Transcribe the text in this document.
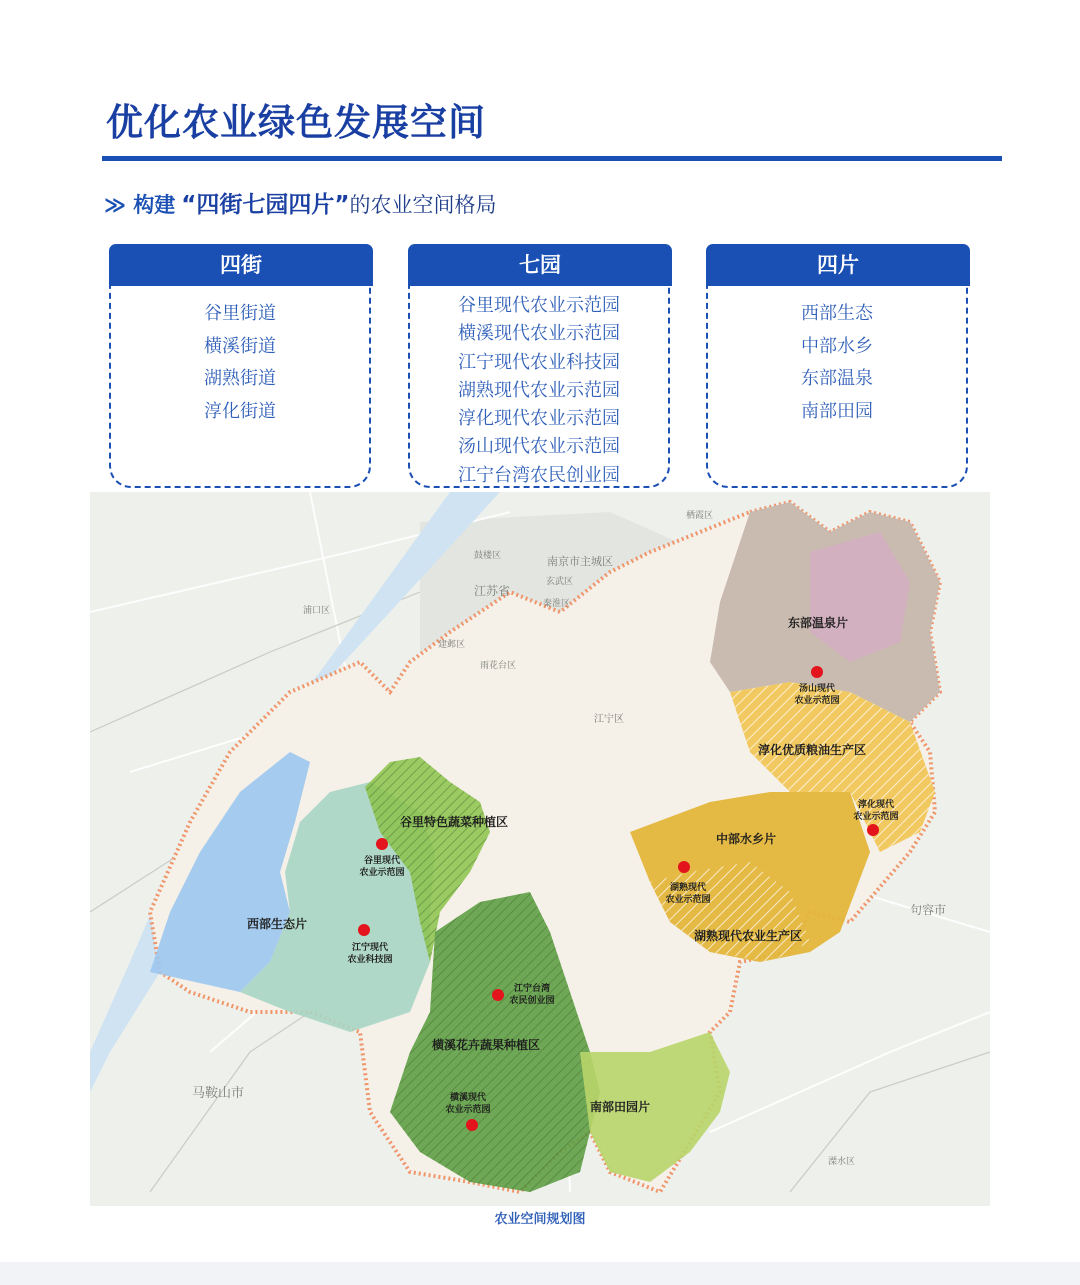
优化农业绿色发展空间
≫ 构建 “四街七园四片”的农业空间格局
四街
谷里街道
横溪街道
湖熟街道
淳化街道
七园
谷里现代农业示范园
横溪现代农业示范园
江宁现代农业科技园
湖熟现代农业示范园
淳化现代农业示范园
汤山现代农业示范园
江宁台湾农民创业园
四片
西部生态
中部水乡
东部温泉
南部田园
南京市主城区
江苏省
鼓楼区
玄武区
秦淮区
浦口区
建邺区
雨花台区
江宁区
栖霞区
马鞍山市
句容市
溧水区
东部温泉片
西部生态片
中部水乡片
南部田园片
谷里特色蔬菜种植区
横溪花卉蔬果种植区
淳化优质粮油生产区
湖熟现代农业生产区
汤山现代
农业示范园
淳化现代
农业示范园
湖熟现代
农业示范园
谷里现代
农业示范园
江宁现代
农业科技园
江宁台湾
农民创业园
横溪现代
农业示范园
农业空间规划图
